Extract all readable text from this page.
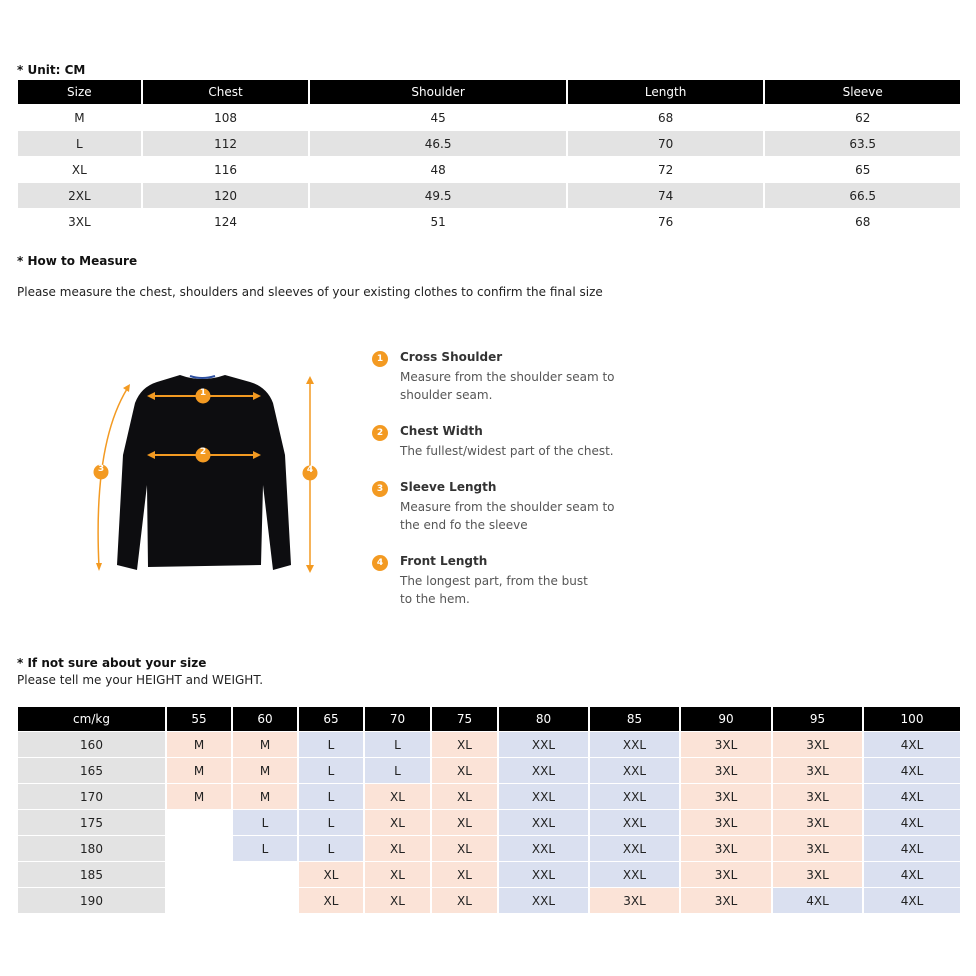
* Unit: CM
Size	Chest	Shoulder	Length	Sleeve
M	108	45	68	62
L	112	46.5	70	63.5
XL	116	48	72	65
2XL	120	49.5	74	66.5
3XL	124	51	76	68
* How to Measure
Please measure the chest, shoulders and sleeves of your existing clothes to confirm the final size
1
2
3	4
1	Cross Shoulder
Measure from the shoulder seam to shoulder seam.
2	Chest Width
The fullest/widest part of the chest.
3	Sleeve Length
Measure from the shoulder seam to the end fo the sleeve
4	Front Length
The longest part, from the bust to the hem.
* If not sure about your size
Please tell me your HEIGHT and WEIGHT.
cm/kg	55	60	65	70	75	80	85	90	95	100
160	M	M	L	L	XL	XXL	XXL	3XL	3XL	4XL
165	M	M	L	L	XL	XXL	XXL	3XL	3XL	4XL
170	M	M	L	XL	XL	XXL	XXL	3XL	3XL	4XL
175		L	L	XL	XL	XXL	XXL	3XL	3XL	4XL
180		L	L	XL	XL	XXL	XXL	3XL	3XL	4XL
185			XL	XL	XL	XXL	XXL	3XL	3XL	4XL
190			XL	XL	XL	XXL	3XL	3XL	4XL	4XL
